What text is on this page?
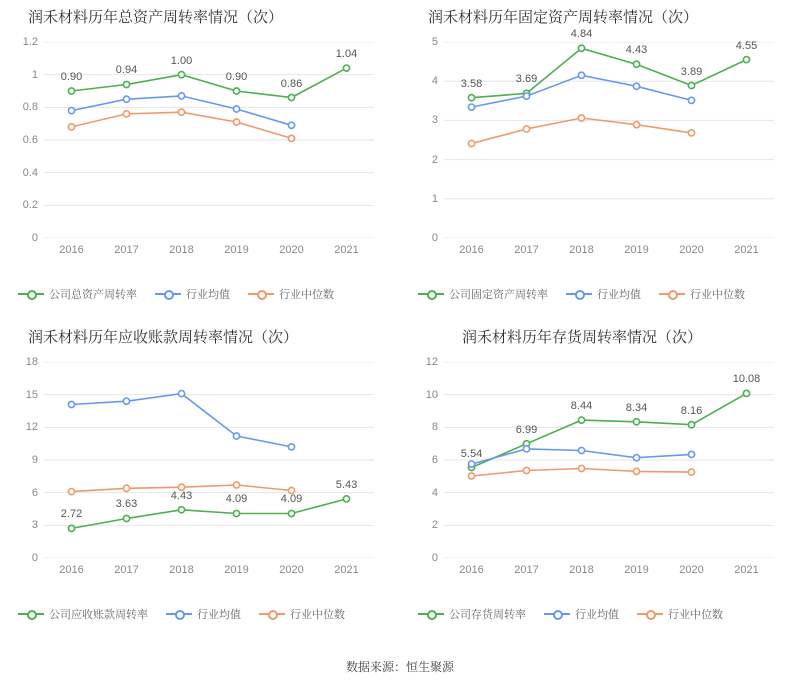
润禾材料历年总资产周转率情况（次）
0
0.2
0.4
0.6
0.8
1
1.2
2016	2017	2018	2019	2020	2021
0.90
0.94
1.00
0.90
0.86
1.04
公司总资产周转率	行业均值	行业中位数
润禾材料历年固定资产周转率情况（次）
0
1
2
3
4
5
2016	2017	2018	2019	2020	2021
3.58	3.69
4.84
4.43
3.89
4.55
公司固定资产周转率	行业均值	行业中位数
润禾材料历年应收账款周转率情况（次）
0
3
6
9
12
15
18
2016	2017	2018	2019	2020	2021
2.72
3.63
4.43	4.09	4.09
5.43
公司应收账款周转率	行业均值	行业中位数
润禾材料历年存货周转率情况（次）
0
2
4
6
8
10
12
2016	2017	2018	2019	2020	2021
5.54
6.99
8.44	8.34	8.16
10.08
公司存货周转率	行业均值	行业中位数
数据来源：恒生聚源
